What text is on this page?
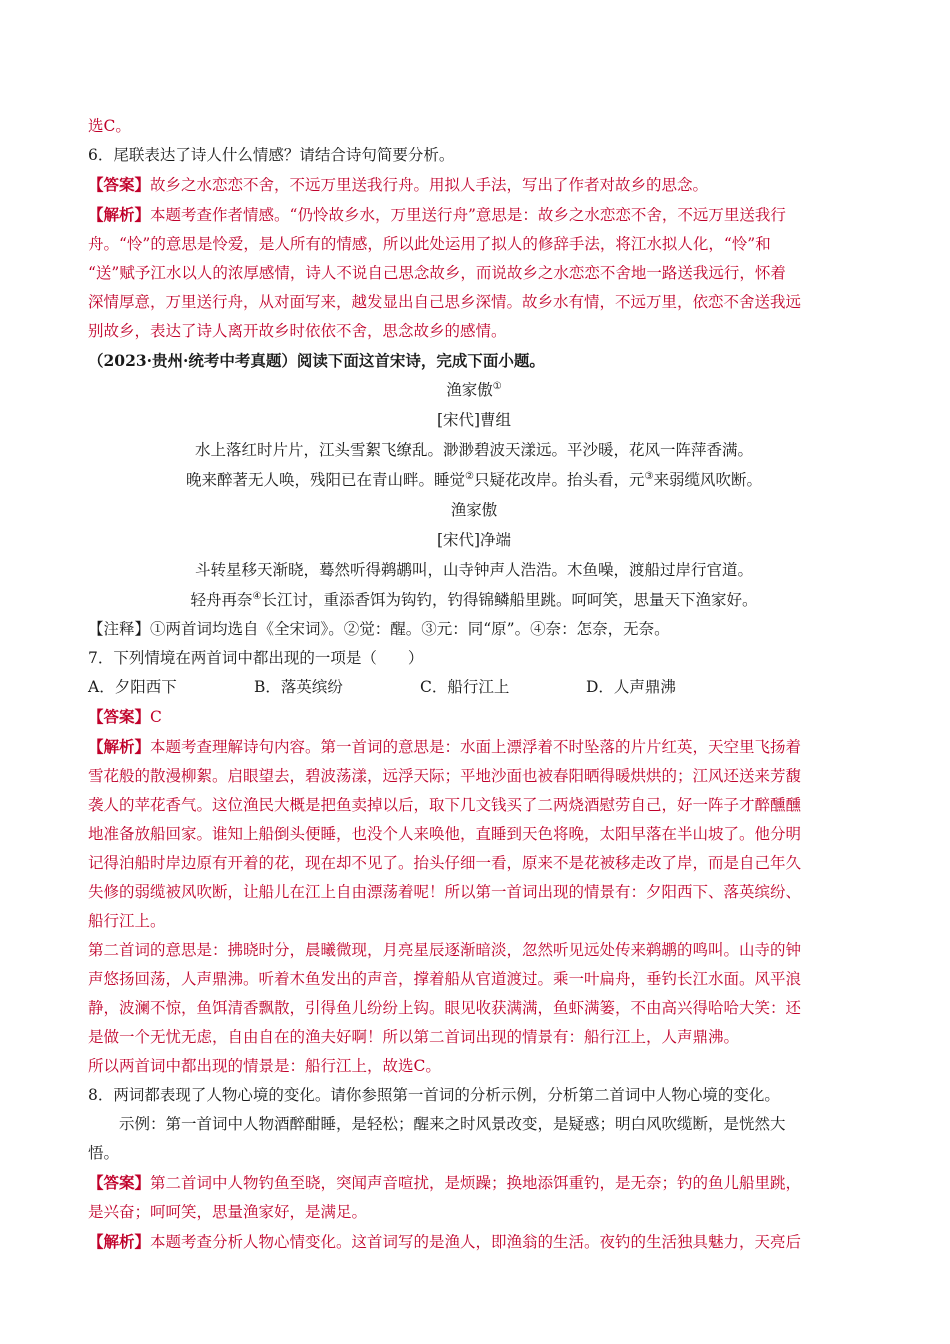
选C。
6．尾联表达了诗人什么情感？请结合诗句简要分析。
【答案】故乡之水恋恋不舍，不远万里送我行舟。用拟人手法，写出了作者对故乡的思念。
【解析】本题考查作者情感。“仍怜故乡水，万里送行舟”意思是：故乡之水恋恋不舍，不远万里送我行
舟。“怜”的意思是怜爱，是人所有的情感，所以此处运用了拟人的修辞手法，将江水拟人化，“怜”和
“送”赋予江水以人的浓厚感情，诗人不说自己思念故乡，而说故乡之水恋恋不舍地一路送我远行，怀着
深情厚意，万里送行舟，从对面写来，越发显出自己思乡深情。故乡水有情，不远万里，依恋不舍送我远
别故乡，表达了诗人离开故乡时依依不舍，思念故乡的感情。
（2023·贵州·统考中考真题）阅读下面这首宋诗，完成下面小题。
渔家傲①
[宋代]曹组
水上落红时片片，江头雪絮飞缭乱。渺渺碧波天漾远。平沙暖，花风一阵萍香满。
晚来醉著无人唤，残阳已在青山畔。睡觉②只疑花改岸。抬头看，元③来弱缆风吹断。
渔家傲
[宋代]净端
斗转星移天渐晓，蓦然听得鹈鹕叫，山寺钟声人浩浩。木鱼噪，渡船过岸行官道。
轻舟再奈④长江讨，重添香饵为钩钓，钓得锦鳞船里跳。呵呵笑，思量天下渔家好。
【注释】①两首词均选自《全宋词》。②觉：醒。③元：同“原”。④奈：怎奈，无奈。
7．下列情境在两首词中都出现的一项是（　　）
A．夕阳西下	B．落英缤纷	C．船行江上	D．人声鼎沸
【答案】C
【解析】本题考查理解诗句内容。第一首词的意思是：水面上漂浮着不时坠落的片片红英，天空里飞扬着
雪花般的散漫柳絮。启眼望去，碧波荡漾，远浮天际；平地沙面也被春阳晒得暖烘烘的；江风还送来芳馥
袭人的苹花香气。这位渔民大概是把鱼卖掉以后，取下几文钱买了二两烧酒慰劳自己，好一阵子才醉醺醺
地准备放船回家。谁知上船倒头便睡，也没个人来唤他，直睡到天色将晚，太阳早落在半山坡了。他分明
记得泊船时岸边原有开着的花，现在却不见了。抬头仔细一看，原来不是花被移走改了岸，而是自己年久
失修的弱缆被风吹断，让船儿在江上自由漂荡着呢！所以第一首词出现的情景有：夕阳西下、落英缤纷、
船行江上。
第二首词的意思是：拂晓时分，晨曦微现，月亮星辰逐渐暗淡，忽然听见远处传来鹈鹕的鸣叫。山寺的钟
声悠扬回荡，人声鼎沸。听着木鱼发出的声音，撑着船从官道渡过。乘一叶扁舟，垂钓长江水面。风平浪
静，波澜不惊，鱼饵清香飘散，引得鱼儿纷纷上钩。眼见收获满满，鱼虾满篓，不由高兴得哈哈大笑：还
是做一个无忧无虑，自由自在的渔夫好啊！所以第二首词出现的情景有：船行江上，人声鼎沸。
所以两首词中都出现的情景是：船行江上，故选C。
8．两词都表现了人物心境的变化。请你参照第一首词的分析示例，分析第二首词中人物心境的变化。
示例：第一首词中人物酒醉酣睡，是轻松；醒来之时风景改变，是疑惑；明白风吹缆断，是恍然大
悟。
【答案】第二首词中人物钓鱼至晓，突闻声音喧扰，是烦躁；换地添饵重钓，是无奈；钓的鱼儿船里跳，
是兴奋；呵呵笑，思量渔家好，是满足。
【解析】本题考查分析人物心情变化。这首词写的是渔人，即渔翁的生活。夜钓的生活独具魅力，天亮后
